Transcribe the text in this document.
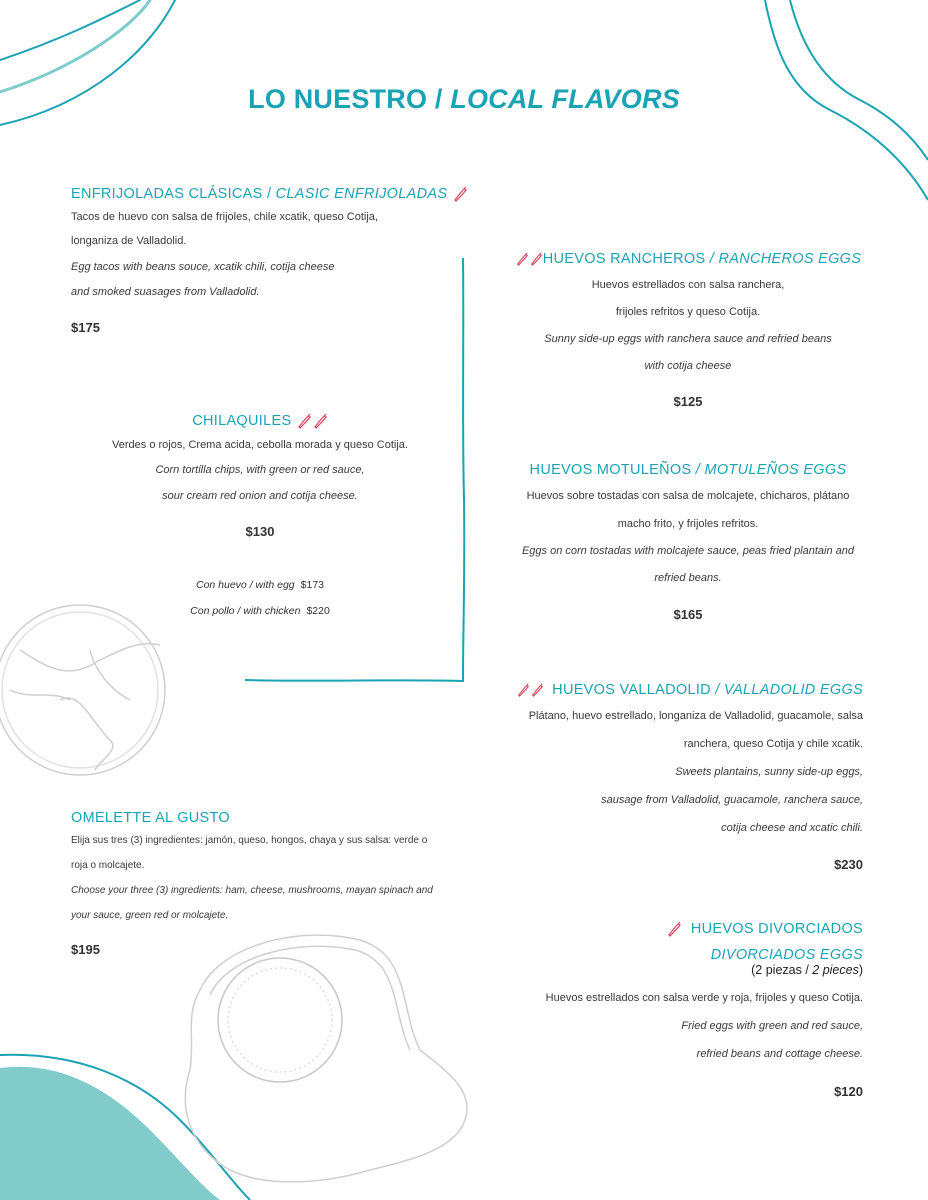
LO NUESTRO / LOCAL FLAVORS
ENFRIJOLADAS CLÁSICAS / CLASIC ENFRIJOLADAS
Tacos de huevo con salsa de frijoles, chile xcatik, queso Cotija,
longaniza de Valladolid.
Egg tacos with beans souce, xcatik chili, cotija cheese
and smoked suasages from Valladolid.
$175
CHILAQUILES
Verdes o rojos, Crema acida, cebolla morada y queso Cotija.
Corn tortilla chips, with green or red sauce,
sour cream red onion and cotija cheese.
$130
Con huevo / with egg $173
Con pollo / with chicken $220
OMELETTE AL GUSTO
Elija sus tres (3) ingredientes: jamón, queso, hongos, chaya y sus salsa: verde o
roja o molcajete.
Choose your three (3) ingredients: ham, cheese, mushrooms, mayan spinach and
your sauce, green red or molcajete.
$195
HUEVOS RANCHEROS / RANCHEROS EGGS
Huevos estrellados con salsa ranchera,
frijoles refritos y queso Cotija.
Sunny side-up eggs with ranchera sauce and refried beans
with cotija cheese
$125
HUEVOS MOTULEÑOS / MOTULEÑOS EGGS
Huevos sobre tostadas con salsa de molcajete, chicharos, plátano
macho frito, y frijoles refritos.
Eggs on corn tostadas with molcajete sauce, peas fried plantain and
refried beans.
$165
HUEVOS VALLADOLID / VALLADOLID EGGS
Plátano, huevo estrellado, longaniza de Valladolid, guacamole, salsa
ranchera, queso Cotija y chile xcatik.
Sweets plantains, sunny side-up eggs,
sausage from Valladolid, guacamole, ranchera sauce,
cotija cheese and xcatic chili.
$230
HUEVOS DIVORCIADOS
DIVORCIADOS EGGS
(2 piezas / 2 pieces)
Huevos estrellados con salsa verde y roja, frijoles y queso Cotija.
Fried eggs with green and red sauce,
refried beans and cottage cheese.
$120
